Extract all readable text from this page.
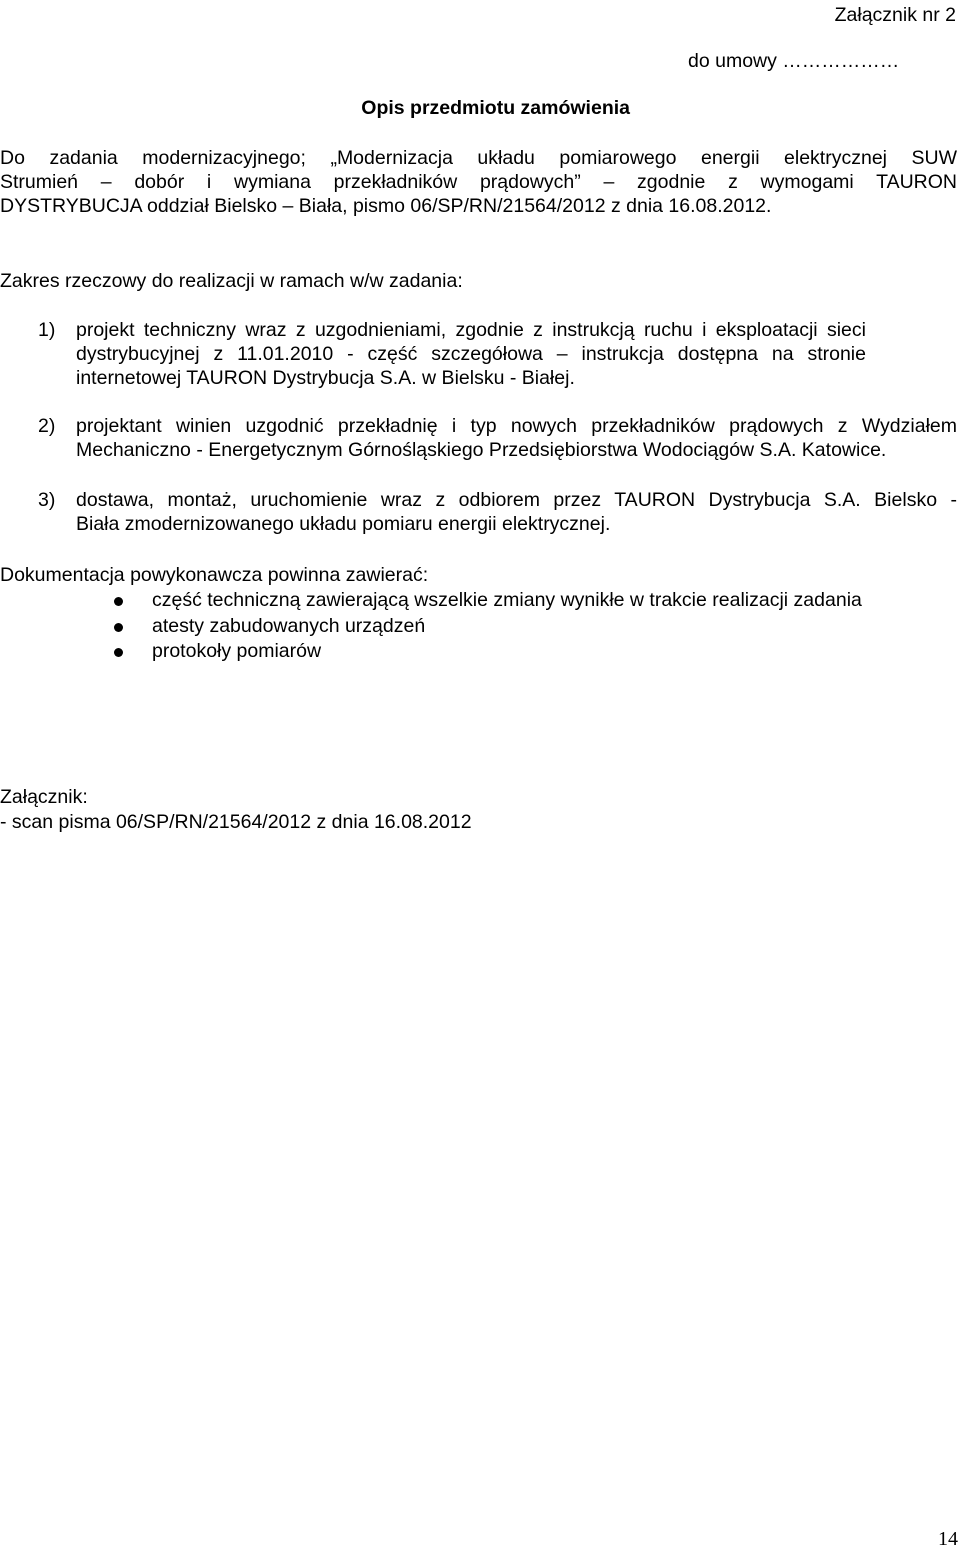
Załącznik nr 2
do umowy ………………
Opis przedmiotu zamówienia
Do zadania modernizacyjnego; „Modernizacja układu pomiarowego energii elektrycznej SUW
Strumień – dobór i wymiana przekładników prądowych” – zgodnie z wymogami TAURON
DYSTRYBUCJA oddział Bielsko – Biała, pismo 06/SP/RN/21564/2012 z dnia 16.08.2012.
Zakres rzeczowy do realizacji w ramach w/w zadania:
1) projekt techniczny wraz z uzgodnieniami, zgodnie z instrukcją ruchu i eksploatacji sieci
dystrybucyjnej z 11.01.2010 - część szczegółowa – instrukcja dostępna na stronie
internetowej TAURON Dystrybucja S.A. w Bielsku - Białej.
2) projektant winien uzgodnić przekładnię i typ nowych przekładników prądowych z Wydziałem
Mechaniczno - Energetycznym Górnośląskiego Przedsiębiorstwa Wodociągów S.A. Katowice.
3) dostawa, montaż, uruchomienie wraz z odbiorem przez TAURON Dystrybucja S.A. Bielsko -
Biała zmodernizowanego układu pomiaru energii elektrycznej.
Dokumentacja powykonawcza powinna zawierać:
część techniczną zawierającą wszelkie zmiany wynikłe w trakcie realizacji zadania
atesty zabudowanych urządzeń
protokoły pomiarów
Załącznik:
- scan pisma 06/SP/RN/21564/2012 z dnia 16.08.2012
14
